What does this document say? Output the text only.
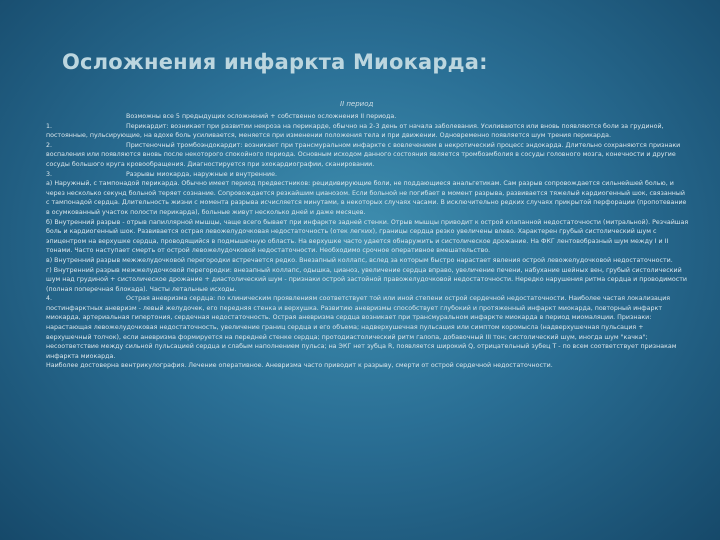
Осложнения инфаркта Миокарда:
II период

Возможны все 5 предыдущих осложнений + собственно осложнения II периода.

1.	Перикардит: возникает при развитии некроза на перикарде, обычно на 2-3 день от начала заболевания. Усиливаются или вновь появляются боли за грудиной, постоянные, пульсирующие, на вдохе боль усиливается, меняется при изменении положения тела и при движении. Одновременно появляется шум трения перикарда.

2.	Пристеночный тромбоэндокардит: возникает при трансмуральном инфаркте с вовлечением в некротический процесс эндокарда. Длительно сохраняются признаки воспаления или появляются вновь после некоторого спокойного периода. Основным исходом данного состояния является тромбоэмболия в сосуды головного мозга, конечности и другие сосуды большого круга кровообращения. Диагностируется при эхокардиографии, сканировании.

3.	Разрывы миокарда, наружные и внутренние.

а) Наружный, с тампонадой перикарда. Обычно имеет период предвестников: рецидивирующие боли, не поддающиеся анальгетикам. Сам разрыв сопровождается сильнейшей болью, и через несколько секунд больной теряет сознание. Сопровождается резкайшим цианозом. Если больной не погибает в момент разрыва, развивается тяжелый кардиогенный шок, связанный с тампонадой сердца. Длительность жизни с момента разрыва исчисляется минутами, в некоторых случаях часами. В исключительно редких случаях прикрытой перфорации (пропотевание в осумкованный участок полости перикарда), больные живут несколько дней и даже месяцев.

б) Внутренний разрыв - отрыв папиллярной мышцы, чаще всего бывает при инфаркте задней стенки. Отрыв мышцы приводит к острой клапанной недостаточности (митральной). Резчайшая боль и кардиогенный шок. Развивается острая левожелудочковая недостаточность (отек легких), границы сердца резко увеличены влево. Характерен грубый систолический шум с эпицентром на верхушке сердца, проводящийся в подмышечную область. На верхушке часто удается обнаружить и систолическое дрожание. На ФКГ лентовобразный шум между I и II тонами. Часто наступает смерть от острой левожелудочковой недостаточности. Необходимо срочное оперативное вмешательство.

в) Внутренний разрыв межжелудочковой перегородки встречается редко. Внезапный коллапс, вслед за которым быстро нарастает явления острой левожелудочковой недостаточности.

г) Внутренний разрыв межжелудочковой перегородки: внезапный коллапс, одышка, цианоз, увеличение сердца вправо, увеличение печени, набухание шейных вен, грубый систолический шум над грудиной + систолическое дрожание + диастолический шум - признаки острой застойной правожелудочковой недостаточности. Нередко нарушения ритма сердца и проводимости (полная поперечная блокада). Часты летальные исходы.

4.	Острая аневризма сердца: по клиническим проявлениям соответствует той или иной степени острой сердечной недостаточности. Наиболее частая локализация постинфарктных аневризм - левый желудочек, его передняя стенка и верхушка. Развитию аневризмы способствует глубокий и протяженный инфаркт миокарда, повторный инфаркт миокарда, артериальная гипертония, сердечная недостаточность. Острая аневризма сердца возникает при трансмуральном инфаркте миокарда в период миомаляции. Признаки: нарастающая левожелудочковая недостаточность, увеличение границ сердца и его объема; надверхушечная пульсация или симптом коромысла (надверхушечная пульсация + верхушечный толчок), если аневризма формируется на передней стенке сердца; протодиастолический ритм галопа, добавочный III тон; систолический шум, иногда шум "качка"; несоответствие между сильной пульсацией сердца и слабым наполнением пульса; на ЭКГ нет зубца R, появляется широкий Q, отрицательный зубец T - по всем соответствует признакам инфаркта миокарда.

Наиболее достоверна вентрикулография. Лечение оперативное. Аневризма часто приводит к разрыву, смерти от острой сердечной недостаточности.
